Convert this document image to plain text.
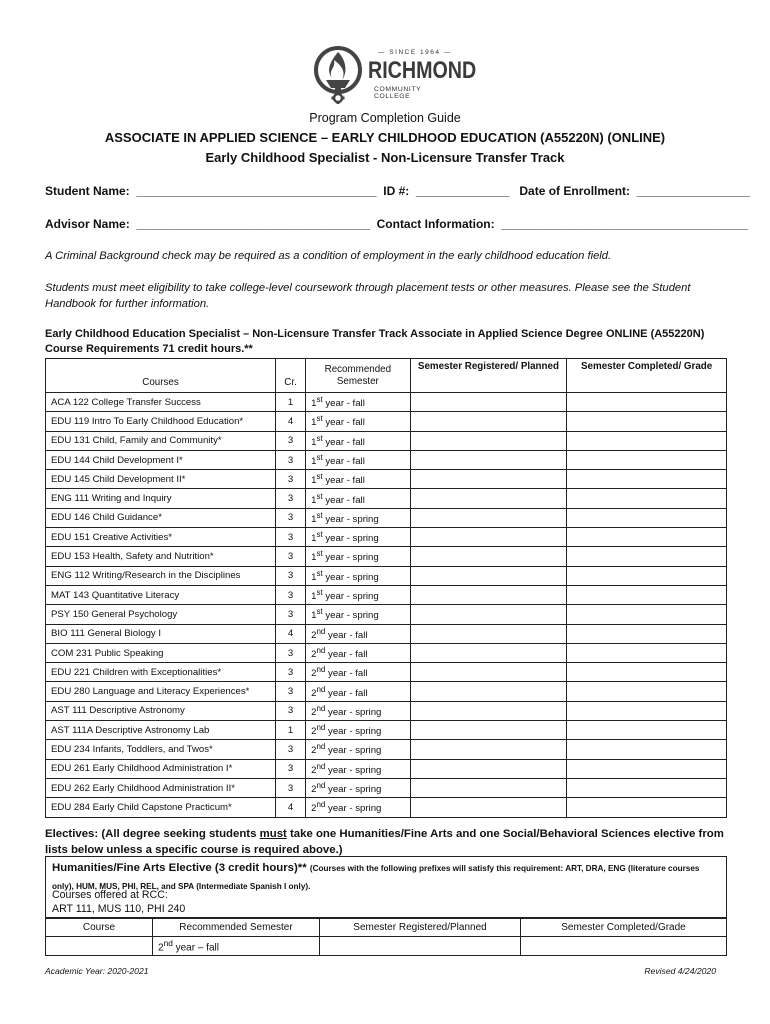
— SINCE 1964 —
RICHMOND
COMMUNITY COLLEGE
Program Completion Guide
ASSOCIATE IN APPLIED SCIENCE – EARLY CHILDHOOD EDUCATION (A55220N) (ONLINE)
Early Childhood Specialist - Non-Licensure Transfer Track
Student Name:  ____________________________________  ID #:  ______________   Date of Enrollment:  _________________
Advisor Name:  ___________________________________  Contact Information:  _____________________________________
A Criminal Background check may be required as a condition of employment in the early childhood education field.
Students must meet eligibility to take college-level coursework through placement tests or other measures. Please see the Student Handbook for further information.
Early Childhood Education Specialist – Non-Licensure Transfer Track Associate in Applied Science Degree ONLINE (A55220N)
Course Requirements 71 credit hours.**
Courses	Cr.	Recommended Semester	Semester Registered/ Planned	Semester Completed/ Grade
ACA 122 College Transfer Success	1	1st year - fall		
EDU 119 Intro To Early Childhood Education*	4	1st year - fall		
EDU 131 Child, Family and Community*	3	1st year - fall		
EDU 144 Child Development I*	3	1st year - fall		
EDU 145 Child Development II*	3	1st year - fall		
ENG 111 Writing and Inquiry	3	1st year - fall		
EDU 146 Child Guidance*	3	1st year - spring		
EDU 151 Creative Activities*	3	1st year - spring		
EDU 153 Health, Safety and Nutrition*	3	1st year - spring		
ENG 112 Writing/Research in the Disciplines	3	1st year - spring		
MAT 143 Quantitative Literacy	3	1st year - spring		
PSY 150 General Psychology	3	1st year - spring		
BIO 111 General Biology I	4	2nd year - fall		
COM 231 Public Speaking	3	2nd year - fall		
EDU 221 Children with Exceptionalities*	3	2nd year - fall		
EDU 280 Language and Literacy Experiences*	3	2nd year - fall		
AST 111 Descriptive Astronomy	3	2nd year - spring		
AST 111A Descriptive Astronomy Lab	1	2nd year - spring		
EDU 234 Infants, Toddlers, and Twos*	3	2nd year - spring		
EDU 261 Early Childhood Administration I*	3	2nd year - spring		
EDU 262 Early Childhood Administration II*	3	2nd year - spring		
EDU 284 Early Child Capstone Practicum*	4	2nd year - spring		
Electives: (All degree seeking students must take one Humanities/Fine Arts and one Social/Behavioral Sciences elective from lists below unless a specific course is required above.)
Humanities/Fine Arts Elective (3 credit hours)** (Courses with the following prefixes will satisfy this requirement: ART, DRA, ENG (literature courses only), HUM, MUS, PHI, REL, and SPA (Intermediate Spanish I only).
Courses offered at RCC:
ART 111, MUS 110, PHI 240
Course	Recommended Semester	Semester Registered/Planned	Semester Completed/Grade
	2nd year – fall		
Academic Year: 2020-2021	Revised 4/24/2020
